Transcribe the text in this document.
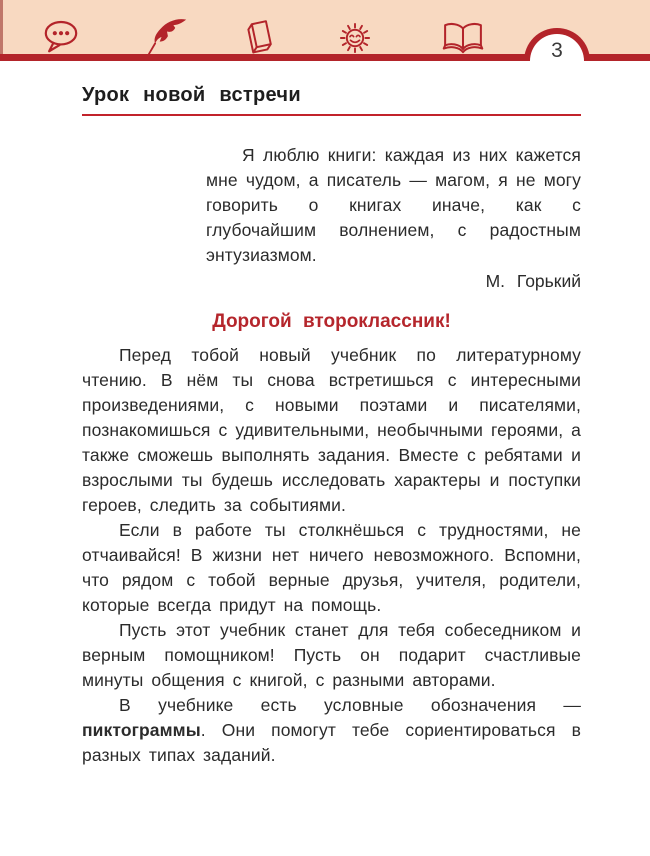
3
Урок новой встречи

Я люблю книги: каждая из них кажется мне чудом, а писатель — магом, я не могу говорить о книгах иначе, как с глубочайшим волнением, с радостным энтузиазмом.

М. Горький
Дорогой второклассник!

Перед тобой новый учебник по литературному чтению. В нём ты снова встретишься с интересными произведениями, с новыми поэтами и писателями, познакомишься с удивительными, необычными героями, а также сможешь выполнять задания. Вместе с ребятами и взрослыми ты будешь исследовать характеры и поступки героев, следить за событиями.

Если в работе ты столкнёшься с трудностями, не отчаивайся! В жизни нет ничего невозможного. Вспомни, что рядом с тобой верные друзья, учителя, родители, которые всегда придут на помощь.

Пусть этот учебник станет для тебя собеседником и верным помощником! Пусть он подарит счастливые минуты общения с книгой, с разными авторами.

В учебнике есть условные обозначения — пиктограммы. Они помогут тебе сориентироваться в разных типах заданий.
